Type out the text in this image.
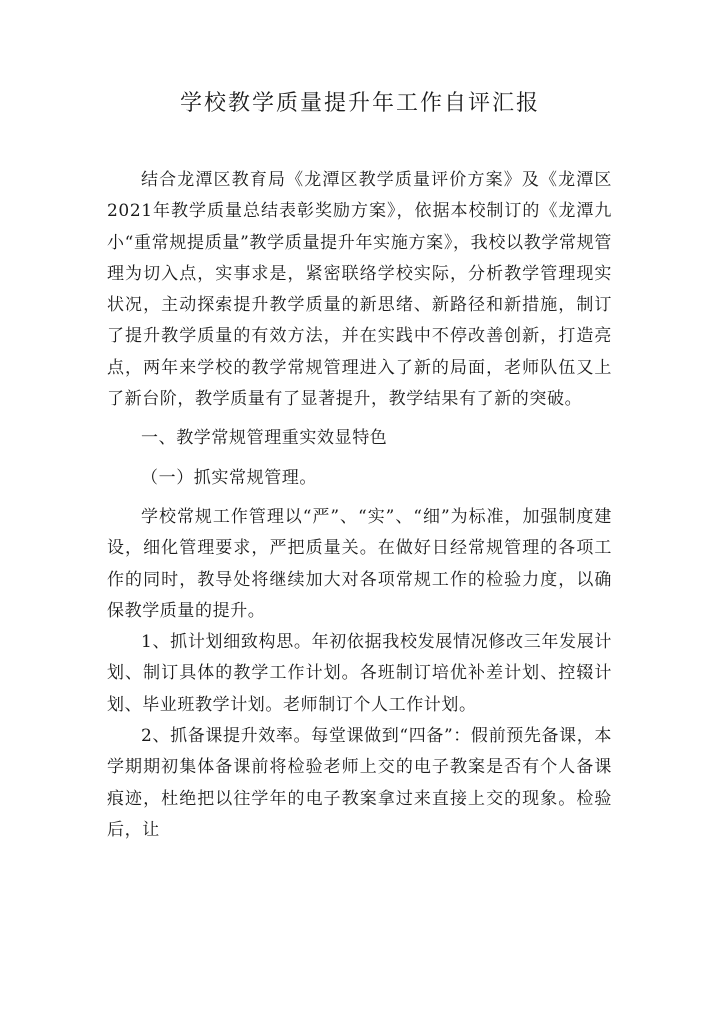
学校教学质量提升年工作自评汇报

结合龙潭区教育局《龙潭区教学质量评价方案》及《龙潭区2021年教学质量总结表彰奖励方案》，依据本校制订的《龙潭九小“重常规提质量”教学质量提升年实施方案》，我校以教学常规管理为切入点，实事求是，紧密联络学校实际，分析教学管理现实状况，主动探索提升教学质量的新思绪、新路径和新措施，制订了提升教学质量的有效方法，并在实践中不停改善创新，打造亮点，两年来学校的教学常规管理进入了新的局面，老师队伍又上了新台阶，教学质量有了显著提升，教学结果有了新的突破。

一、教学常规管理重实效显特色

（一）抓实常规管理。

学校常规工作管理以“严”、“实”、“细”为标准，加强制度建设，细化管理要求，严把质量关。在做好日经常规管理的各项工作的同时，教导处将继续加大对各项常规工作的检验力度，以确保教学质量的提升。

1、抓计划细致构思。年初依据我校发展情况修改三年发展计划、制订具体的教学工作计划。各班制订培优补差计划、控辍计划、毕业班教学计划。老师制订个人工作计划。

2、抓备课提升效率。每堂课做到“四备”：假前预先备课，本学期期初集体备课前将检验老师上交的电子教案是否有个人备课痕迹，杜绝把以往学年的电子教案拿过来直接上交的现象。检验后，让
